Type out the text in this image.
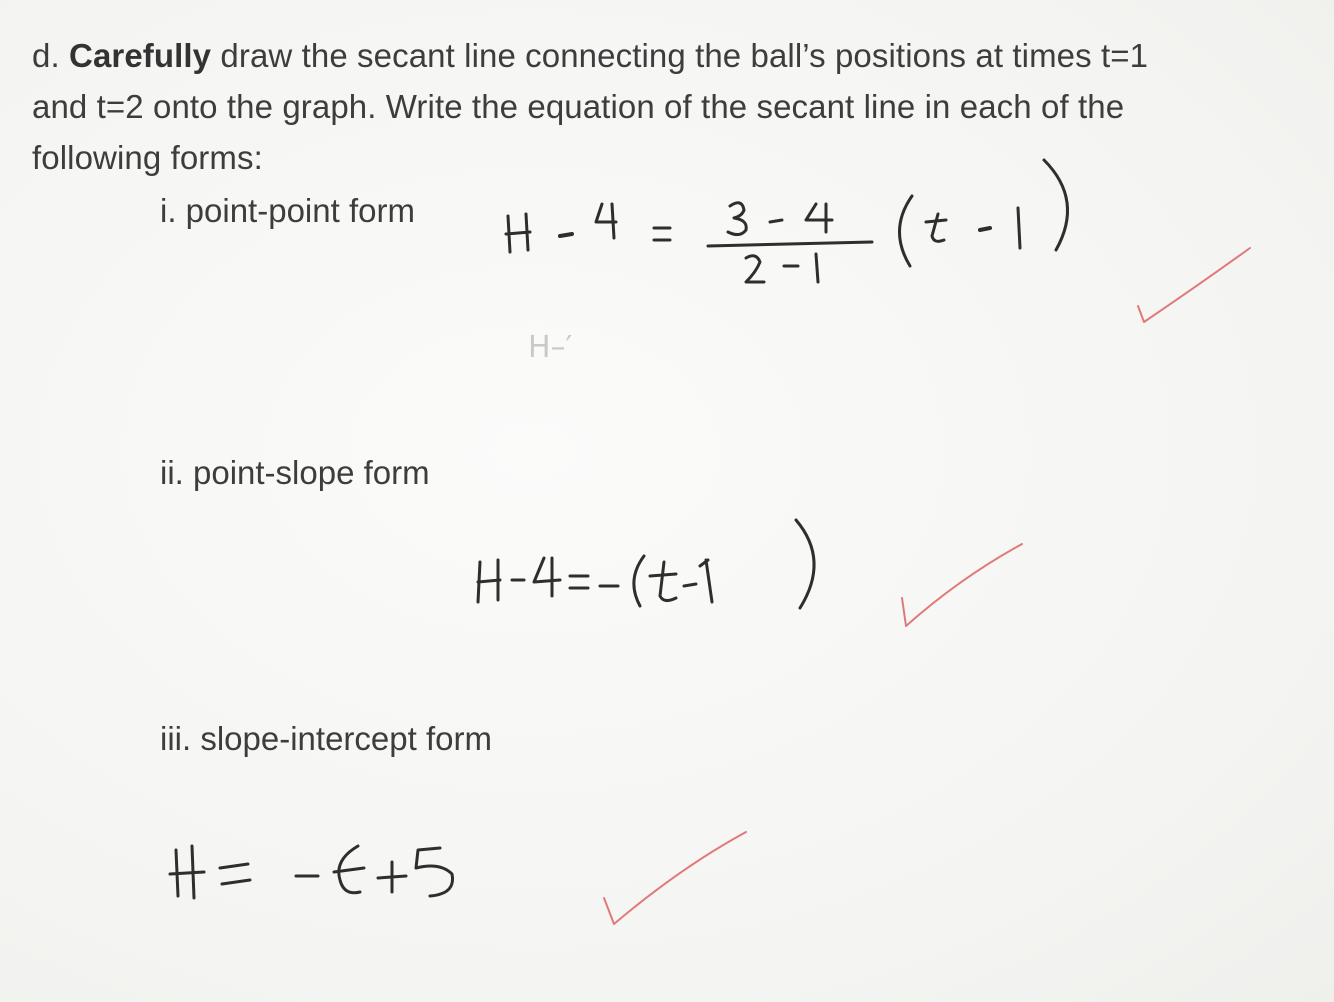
d. Carefully draw the secant line connecting the ball’s positions at times t=1
and t=2 onto the graph. Write the equation of the secant line in each of the
following forms:
i. point-point form
ii. point-slope form
iii. slope-intercept form
H–′
